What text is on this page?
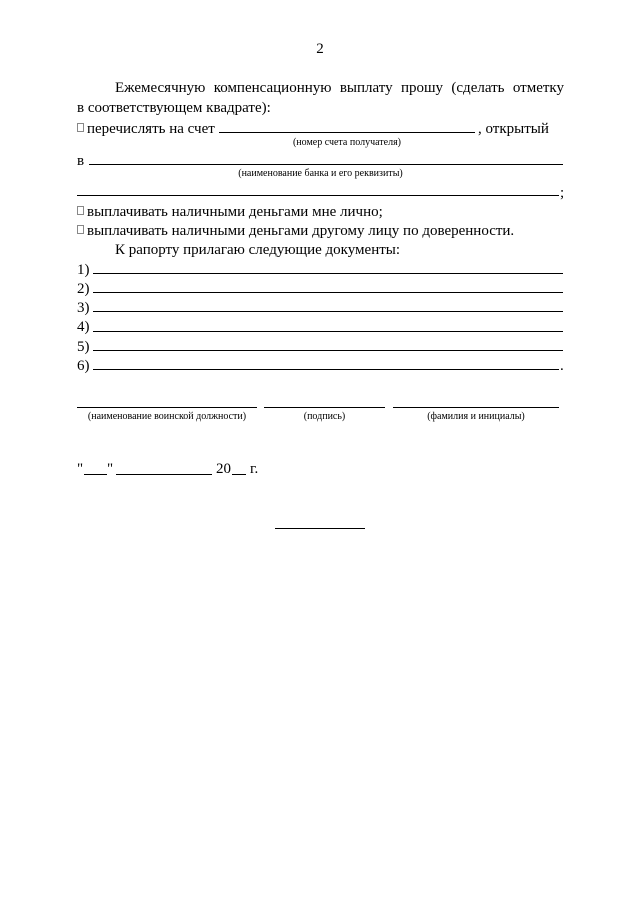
2
Ежемесячную компенсационную выплату прошу (сделать отметку
в соответствующем квадрате):
перечислять на счет	, открытый
(номер счета получателя)
в
(наименование банка и его реквизиты)
;
выплачивать наличными деньгами мне лично;
выплачивать наличными деньгами другому лицу по доверенности.
К рапорту прилагаю следующие документы:
1)
2)
3)
4)
5)
6)	.
(наименование воинской должности)	(подпись)	(фамилия и инициалы)
" "	20 г.
